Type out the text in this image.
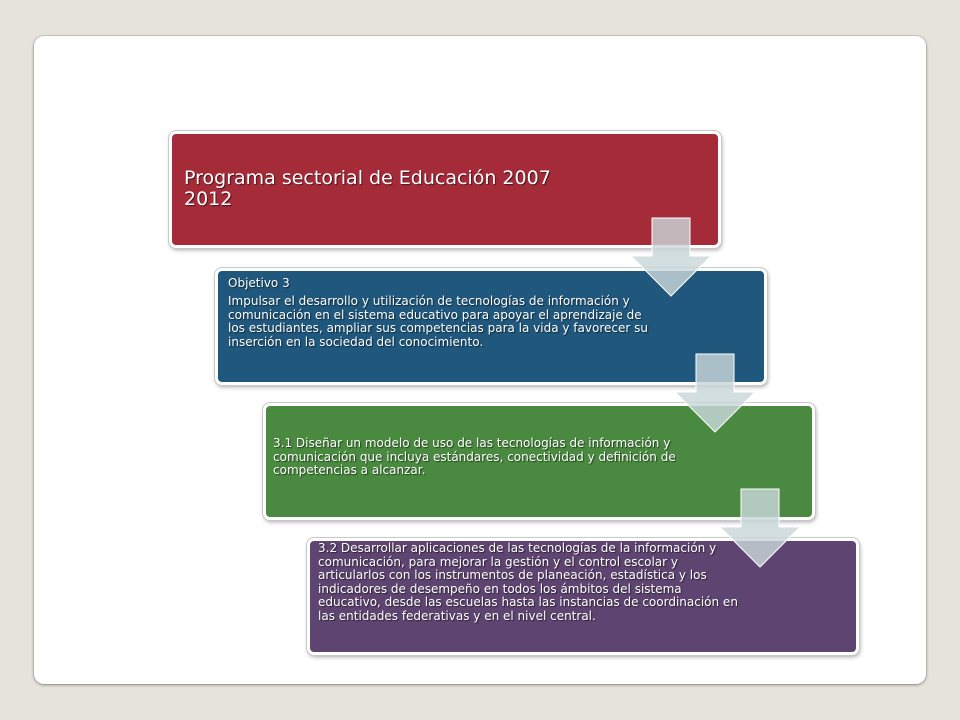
Programa sectorial de Educación 2007 2012
Objetivo 3
Impulsar el desarrollo y utilización de tecnologías de información y comunicación en el sistema educativo para apoyar el aprendizaje de los estudiantes, ampliar sus competencias para la vida y favorecer su inserción en la sociedad del conocimiento.
3.1 Diseñar un modelo de uso de las tecnologías de información y comunicación que incluya estándares, conectividad y definición de competencias a alcanzar.
3.2 Desarrollar aplicaciones de las tecnologías de la información y comunicación, para mejorar la gestión y el control escolar y articularlos con los instrumentos de planeación, estadística y los indicadores de desempeño en todos los ámbitos del sistema educativo, desde las escuelas hasta las instancias de coordinación en las entidades federativas y en el nivel central.
